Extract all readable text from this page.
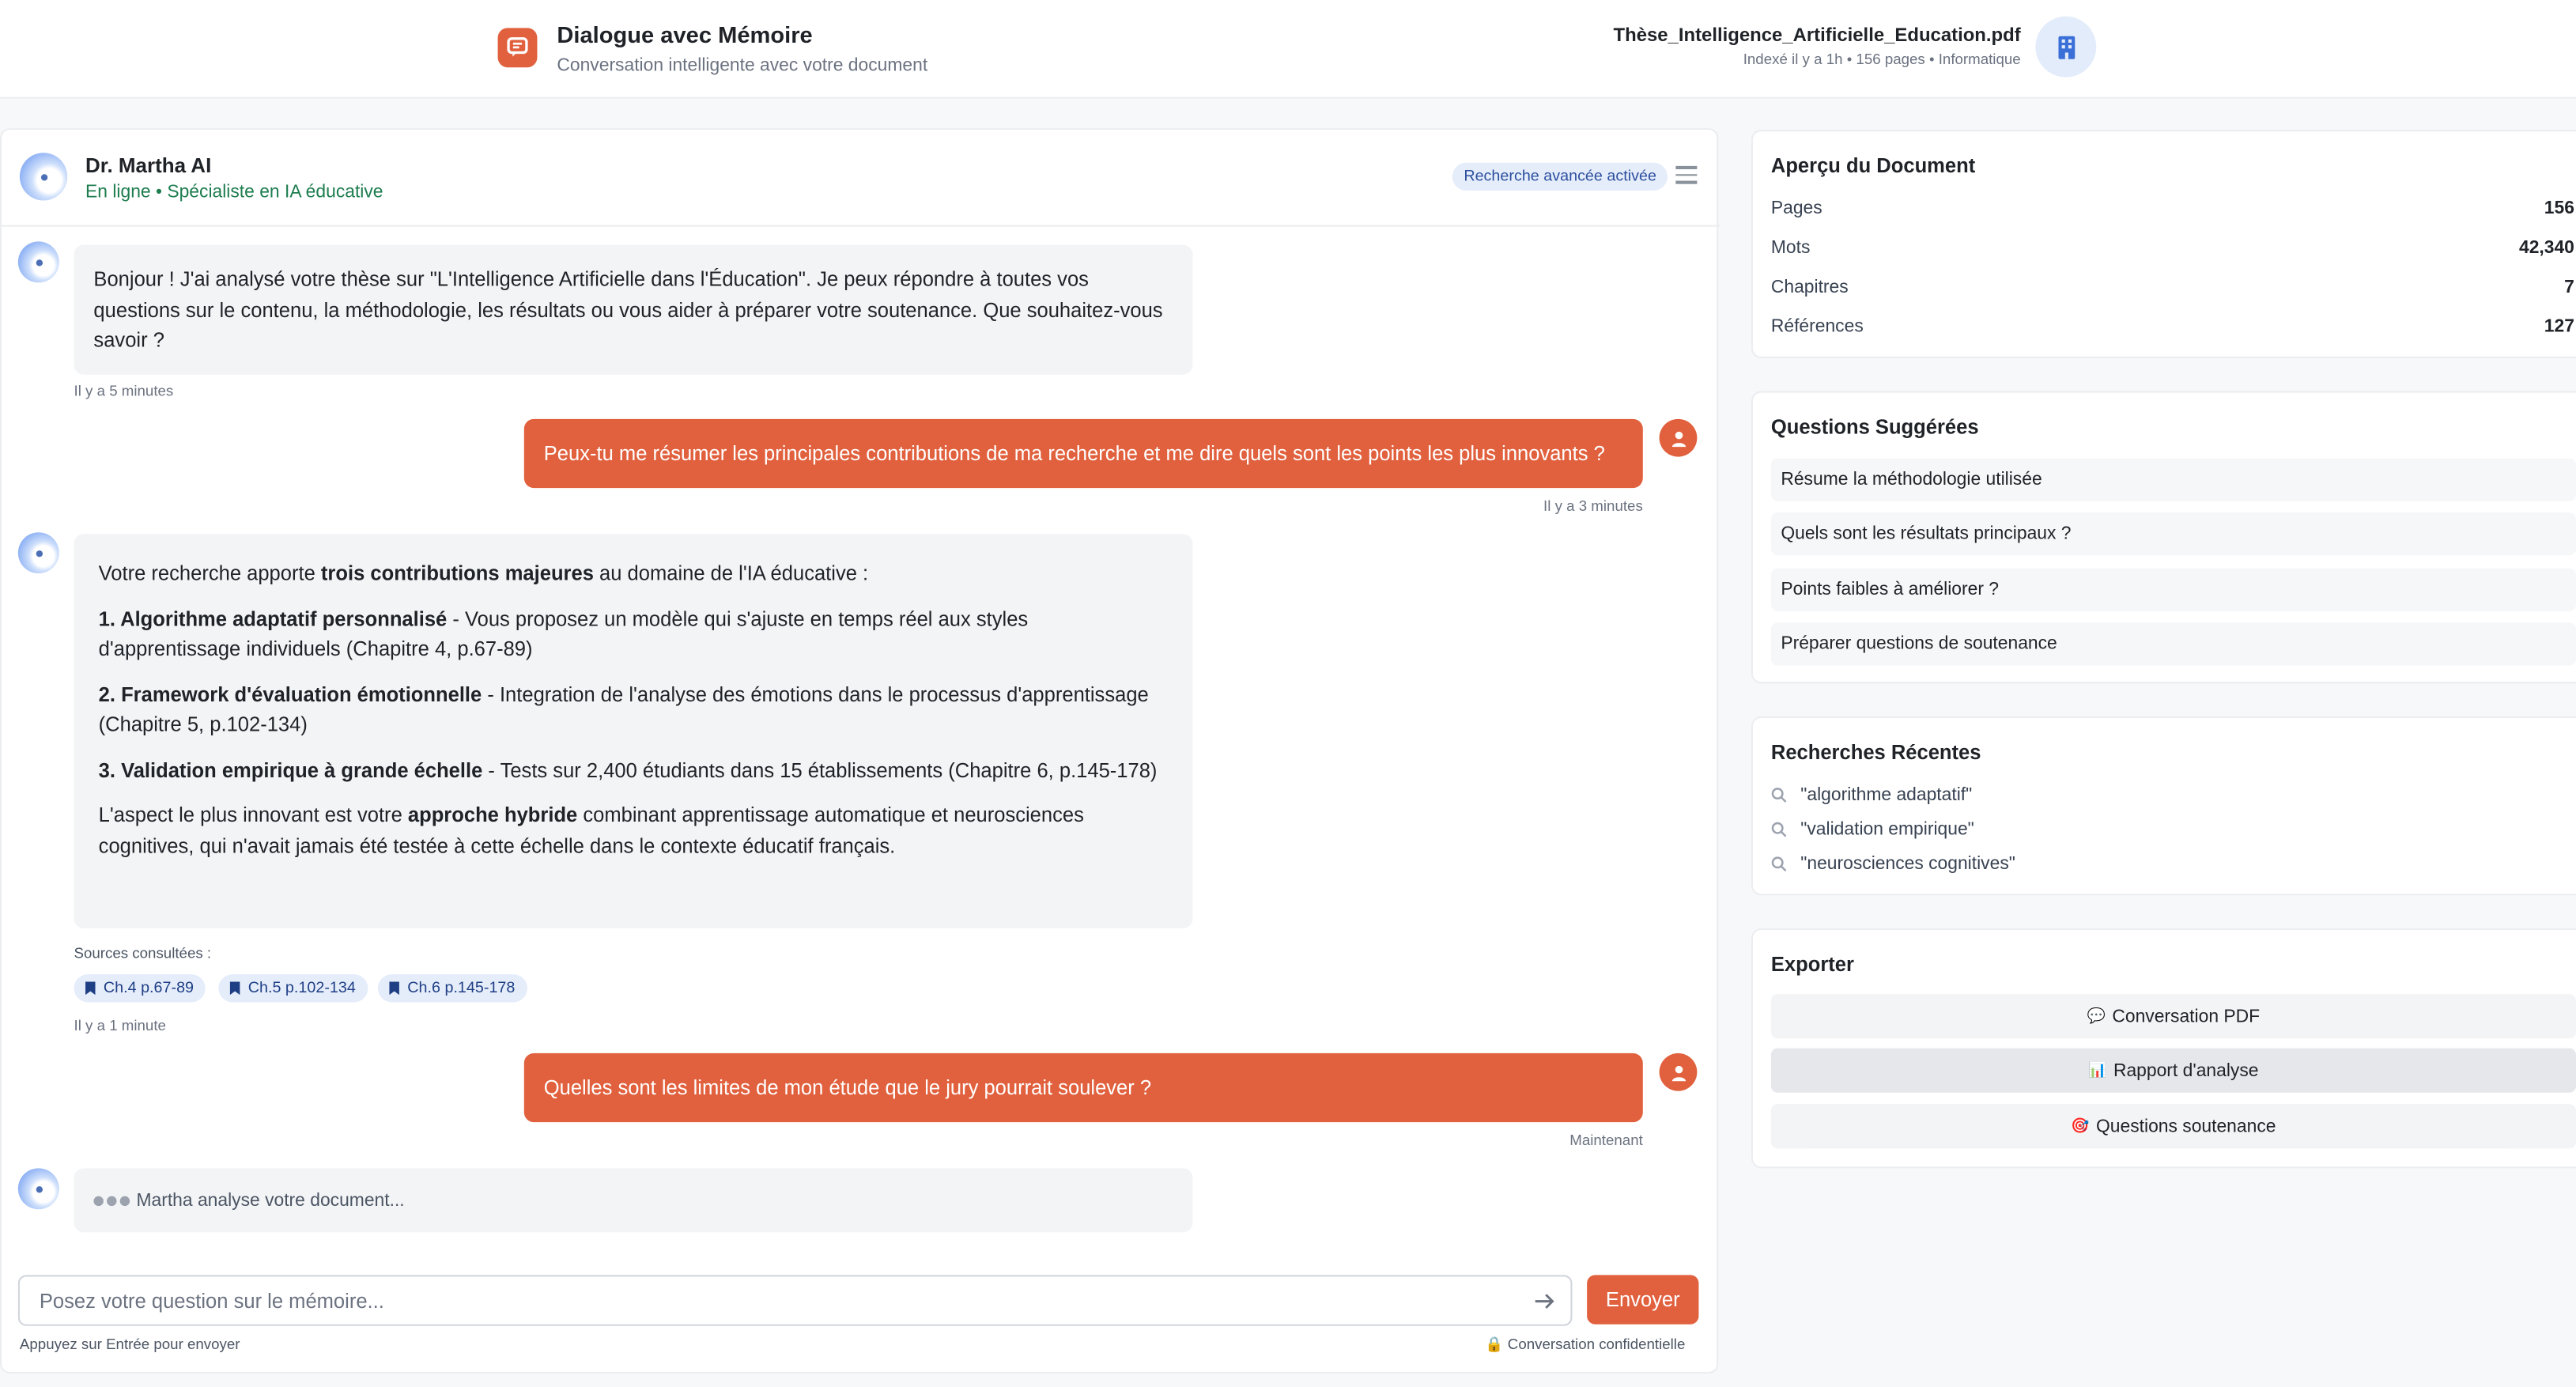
Dialogue avec Mémoire
Conversation intelligente avec votre document
Thèse_Intelligence_Artificielle_Education.pdf
Indexé il y a 1h • 156 pages • Informatique
Dr. Martha AI
En ligne • Spécialiste en IA éducative
Recherche avancée activée
Bonjour ! J'ai analysé votre thèse sur "L'Intelligence Artificielle dans l'Éducation". Je peux répondre à toutes vos questions sur le contenu, la méthodologie, les résultats ou vous aider à préparer votre soutenance. Que souhaitez-vous savoir ?
Il y a 5 minutes
Peux-tu me résumer les principales contributions de ma recherche et me dire quels sont les points les plus innovants ?
Il y a 3 minutes

Votre recherche apporte trois contributions majeures au domaine de l'IA éducative :

1. Algorithme adaptatif personnalisé - Vous proposez un modèle qui s'ajuste en temps réel aux styles d'apprentissage individuels (Chapitre 4, p.67-89)

2. Framework d'évaluation émotionnelle - Integration de l'analyse des émotions dans le processus d'apprentissage (Chapitre 5, p.102-134)

3. Validation empirique à grande échelle - Tests sur 2,400 étudiants dans 15 établissements (Chapitre 6, p.145-178)

L'aspect le plus innovant est votre approche hybride combinant apprentissage automatique et neurosciences cognitives, qui n'avait jamais été testée à cette échelle dans le contexte éducatif français.

Sources consultées :
Ch.4 p.67-89	Ch.5 p.102-134	Ch.6 p.145-178
Il y a 1 minute
Quelles sont les limites de mon étude que le jury pourrait soulever ?
Maintenant
Martha analyse votre document...
Posez votre question sur le mémoire...
Envoyer
Appuyez sur Entrée pour envoyer	🔒 Conversation confidentielle
Aperçu du Document
Pages	156
Mots	42,340
Chapitres	7
Références	127
Questions Suggérées
Résume la méthodologie utilisée
Quels sont les résultats principaux ?
Points faibles à améliorer ?
Préparer questions de soutenance
Recherches Récentes
"algorithme adaptatif"
"validation empirique"
"neurosciences cognitives"
Exporter
💬 Conversation PDF
📊 Rapport d'analyse
🎯 Questions soutenance
